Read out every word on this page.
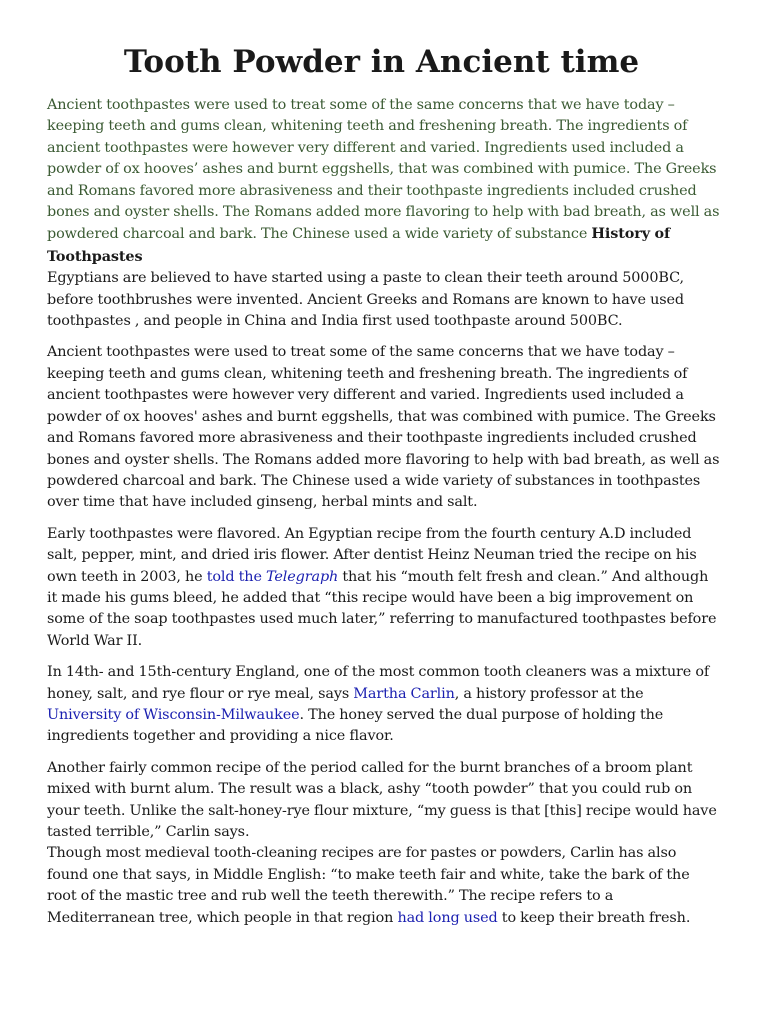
Tooth Powder in Ancient time

Ancient toothpastes were used to treat some of the same concerns that we have today – keeping teeth and gums clean, whitening teeth and freshening breath. The ingredients of ancient toothpastes were however very different and varied. Ingredients used included a powder of ox hooves’ ashes and burnt eggshells, that was combined with pumice. The Greeks and Romans favored more abrasiveness and their toothpaste ingredients included crushed bones and oyster shells. The Romans added more flavoring to help with bad breath, as well as powdered charcoal and bark. The Chinese used a wide variety of substance History of Toothpastes

Egyptians are believed to have started using a paste to clean their teeth around 5000BC, before toothbrushes were invented. Ancient Greeks and Romans are known to have used toothpastes , and people in China and India first used toothpaste around 500BC.

Ancient toothpastes were used to treat some of the same concerns that we have today – keeping teeth and gums clean, whitening teeth and freshening breath. The ingredients of ancient toothpastes were however very different and varied. Ingredients used included a powder of ox hooves' ashes and burnt eggshells, that was combined with pumice. The Greeks and Romans favored more abrasiveness and their toothpaste ingredients included crushed bones and oyster shells. The Romans added more flavoring to help with bad breath, as well as powdered charcoal and bark. The Chinese used a wide variety of substances in toothpastes over time that have included ginseng, herbal mints and salt.

Early toothpastes were flavored. An Egyptian recipe from the fourth century A.D included salt, pepper, mint, and dried iris flower. After dentist Heinz Neuman tried the recipe on his own teeth in 2003, he told the Telegraph that his “mouth felt fresh and clean.” And although it made his gums bleed, he added that “this recipe would have been a big improvement on some of the soap toothpastes used much later,” referring to manufactured toothpastes before World War II.

In 14th- and 15th-century England, one of the most common tooth cleaners was a mixture of honey, salt, and rye flour or rye meal, says Martha Carlin, a history professor at the University of Wisconsin-Milwaukee. The honey served the dual purpose of holding the ingredients together and providing a nice flavor.

Another fairly common recipe of the period called for the burnt branches of a broom plant mixed with burnt alum. The result was a black, ashy “tooth powder” that you could rub on your teeth. Unlike the salt-honey-rye flour mixture, “my guess is that [this] recipe would have tasted terrible,” Carlin says.

Though most medieval tooth-cleaning recipes are for pastes or powders, Carlin has also found one that says, in Middle English: “to make teeth fair and white, take the bark of the root of the mastic tree and rub well the teeth therewith.” The recipe refers to a Mediterranean tree, which people in that region had long used to keep their breath fresh.
